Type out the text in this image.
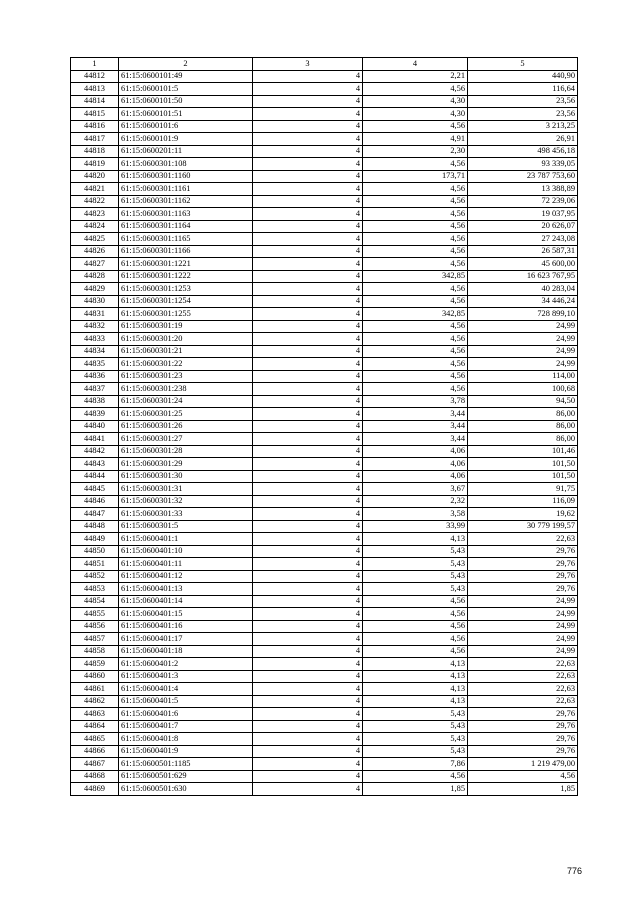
1	2	3	4	5
44812	61:15:0600101:49	4	2,21	440,90
44813	61:15:0600101:5	4	4,56	116,64
44814	61:15:0600101:50	4	4,30	23,56
44815	61:15:0600101:51	4	4,30	23,56
44816	61:15:0600101:6	4	4,56	3 213,25
44817	61:15:0600101:9	4	4,91	26,91
44818	61:15:0600201:11	4	2,30	498 456,18
44819	61:15:0600301:108	4	4,56	93 339,05
44820	61:15:0600301:1160	4	173,71	23 787 753,60
44821	61:15:0600301:1161	4	4,56	13 388,89
44822	61:15:0600301:1162	4	4,56	72 239,06
44823	61:15:0600301:1163	4	4,56	19 037,95
44824	61:15:0600301:1164	4	4,56	20 626,07
44825	61:15:0600301:1165	4	4,56	27 243,08
44826	61:15:0600301:1166	4	4,56	26 587,31
44827	61:15:0600301:1221	4	4,56	45 600,00
44828	61:15:0600301:1222	4	342,85	16 623 767,95
44829	61:15:0600301:1253	4	4,56	40 283,04
44830	61:15:0600301:1254	4	4,56	34 446,24
44831	61:15:0600301:1255	4	342,85	728 899,10
44832	61:15:0600301:19	4	4,56	24,99
44833	61:15:0600301:20	4	4,56	24,99
44834	61:15:0600301:21	4	4,56	24,99
44835	61:15:0600301:22	4	4,56	24,99
44836	61:15:0600301:23	4	4,56	114,00
44837	61:15:0600301:238	4	4,56	100,68
44838	61:15:0600301:24	4	3,78	94,50
44839	61:15:0600301:25	4	3,44	86,00
44840	61:15:0600301:26	4	3,44	86,00
44841	61:15:0600301:27	4	3,44	86,00
44842	61:15:0600301:28	4	4,06	101,46
44843	61:15:0600301:29	4	4,06	101,50
44844	61:15:0600301:30	4	4,06	101,50
44845	61:15:0600301:31	4	3,67	91,75
44846	61:15:0600301:32	4	2,32	116,09
44847	61:15:0600301:33	4	3,58	19,62
44848	61:15:0600301:5	4	33,99	30 779 199,57
44849	61:15:0600401:1	4	4,13	22,63
44850	61:15:0600401:10	4	5,43	29,76
44851	61:15:0600401:11	4	5,43	29,76
44852	61:15:0600401:12	4	5,43	29,76
44853	61:15:0600401:13	4	5,43	29,76
44854	61:15:0600401:14	4	4,56	24,99
44855	61:15:0600401:15	4	4,56	24,99
44856	61:15:0600401:16	4	4,56	24,99
44857	61:15:0600401:17	4	4,56	24,99
44858	61:15:0600401:18	4	4,56	24,99
44859	61:15:0600401:2	4	4,13	22,63
44860	61:15:0600401:3	4	4,13	22,63
44861	61:15:0600401:4	4	4,13	22,63
44862	61:15:0600401:5	4	4,13	22,63
44863	61:15:0600401:6	4	5,43	29,76
44864	61:15:0600401:7	4	5,43	29,76
44865	61:15:0600401:8	4	5,43	29,76
44866	61:15:0600401:9	4	5,43	29,76
44867	61:15:0600501:1185	4	7,86	1 219 479,00
44868	61:15:0600501:629	4	4,56	4,56
44869	61:15:0600501:630	4	1,85	1,85
776
